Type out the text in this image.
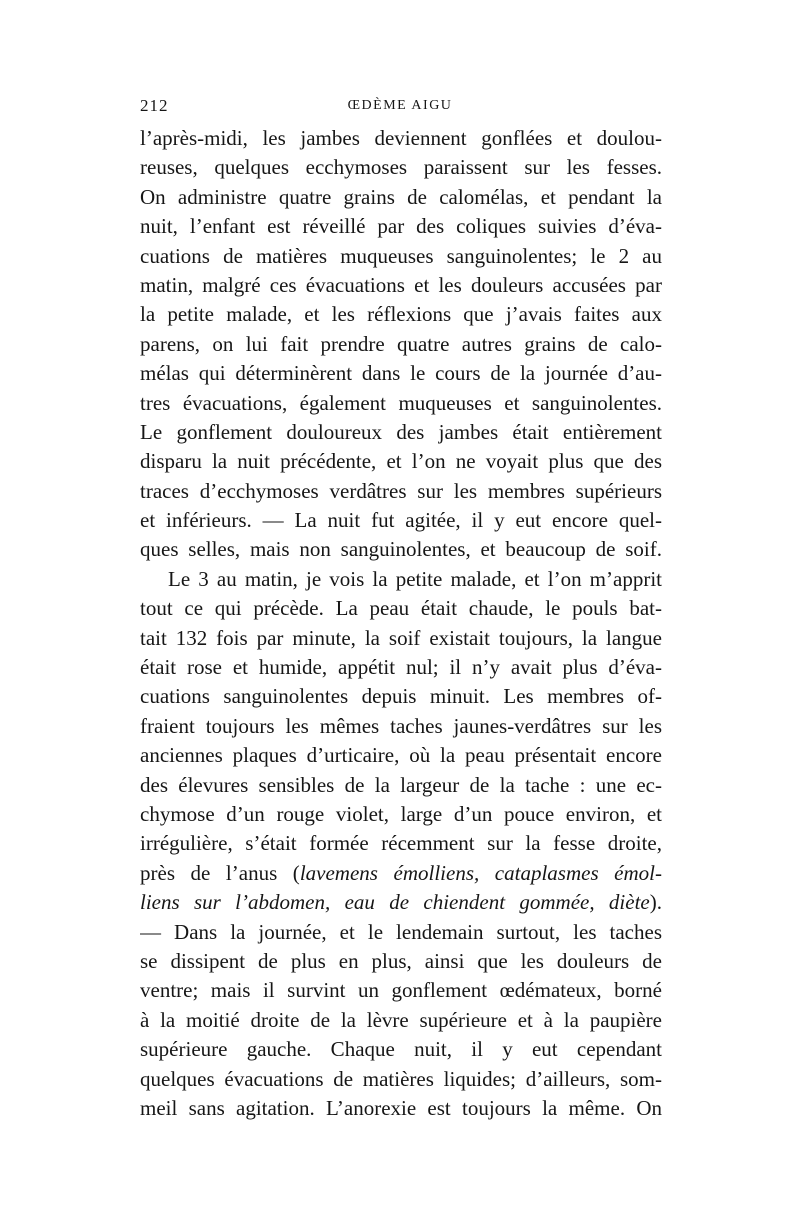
212	ŒDÈME AIGU
l’après-midi, les jambes deviennent gonflées et doulou-
reuses, quelques ecchymoses paraissent sur les fesses.
On administre quatre grains de calomélas, et pendant la
nuit, l’enfant est réveillé par des coliques suivies d’éva-
cuations de matières muqueuses sanguinolentes; le 2 au
matin, malgré ces évacuations et les douleurs accusées par
la petite malade, et les réflexions que j’avais faites aux
parens, on lui fait prendre quatre autres grains de calo-
mélas qui déterminèrent dans le cours de la journée d’au-
tres évacuations, également muqueuses et sanguinolentes.
Le gonflement douloureux des jambes était entièrement
disparu la nuit précédente, et l’on ne voyait plus que des
traces d’ecchymoses verdâtres sur les membres supérieurs
et inférieurs. — La nuit fut agitée, il y eut encore quel-
ques selles, mais non sanguinolentes, et beaucoup de soif.
Le 3 au matin, je vois la petite malade, et l’on m’apprit
tout ce qui précède. La peau était chaude, le pouls bat-
tait 132 fois par minute, la soif existait toujours, la langue
était rose et humide, appétit nul; il n’y avait plus d’éva-
cuations sanguinolentes depuis minuit. Les membres of-
fraient toujours les mêmes taches jaunes-verdâtres sur les
anciennes plaques d’urticaire, où la peau présentait encore
des élevures sensibles de la largeur de la tache : une ec-
chymose d’un rouge violet, large d’un pouce environ, et
irrégulière, s’était formée récemment sur la fesse droite,
près de l’anus (lavemens émolliens, cataplasmes émol-
liens sur l’abdomen, eau de chiendent gommée, diète).
— Dans la journée, et le lendemain surtout, les taches
se dissipent de plus en plus, ainsi que les douleurs de
ventre; mais il survint un gonflement œdémateux, borné
à la moitié droite de la lèvre supérieure et à la paupière
supérieure gauche. Chaque nuit, il y eut cependant
quelques évacuations de matières liquides; d’ailleurs, som-
meil sans agitation. L’anorexie est toujours la même. On
